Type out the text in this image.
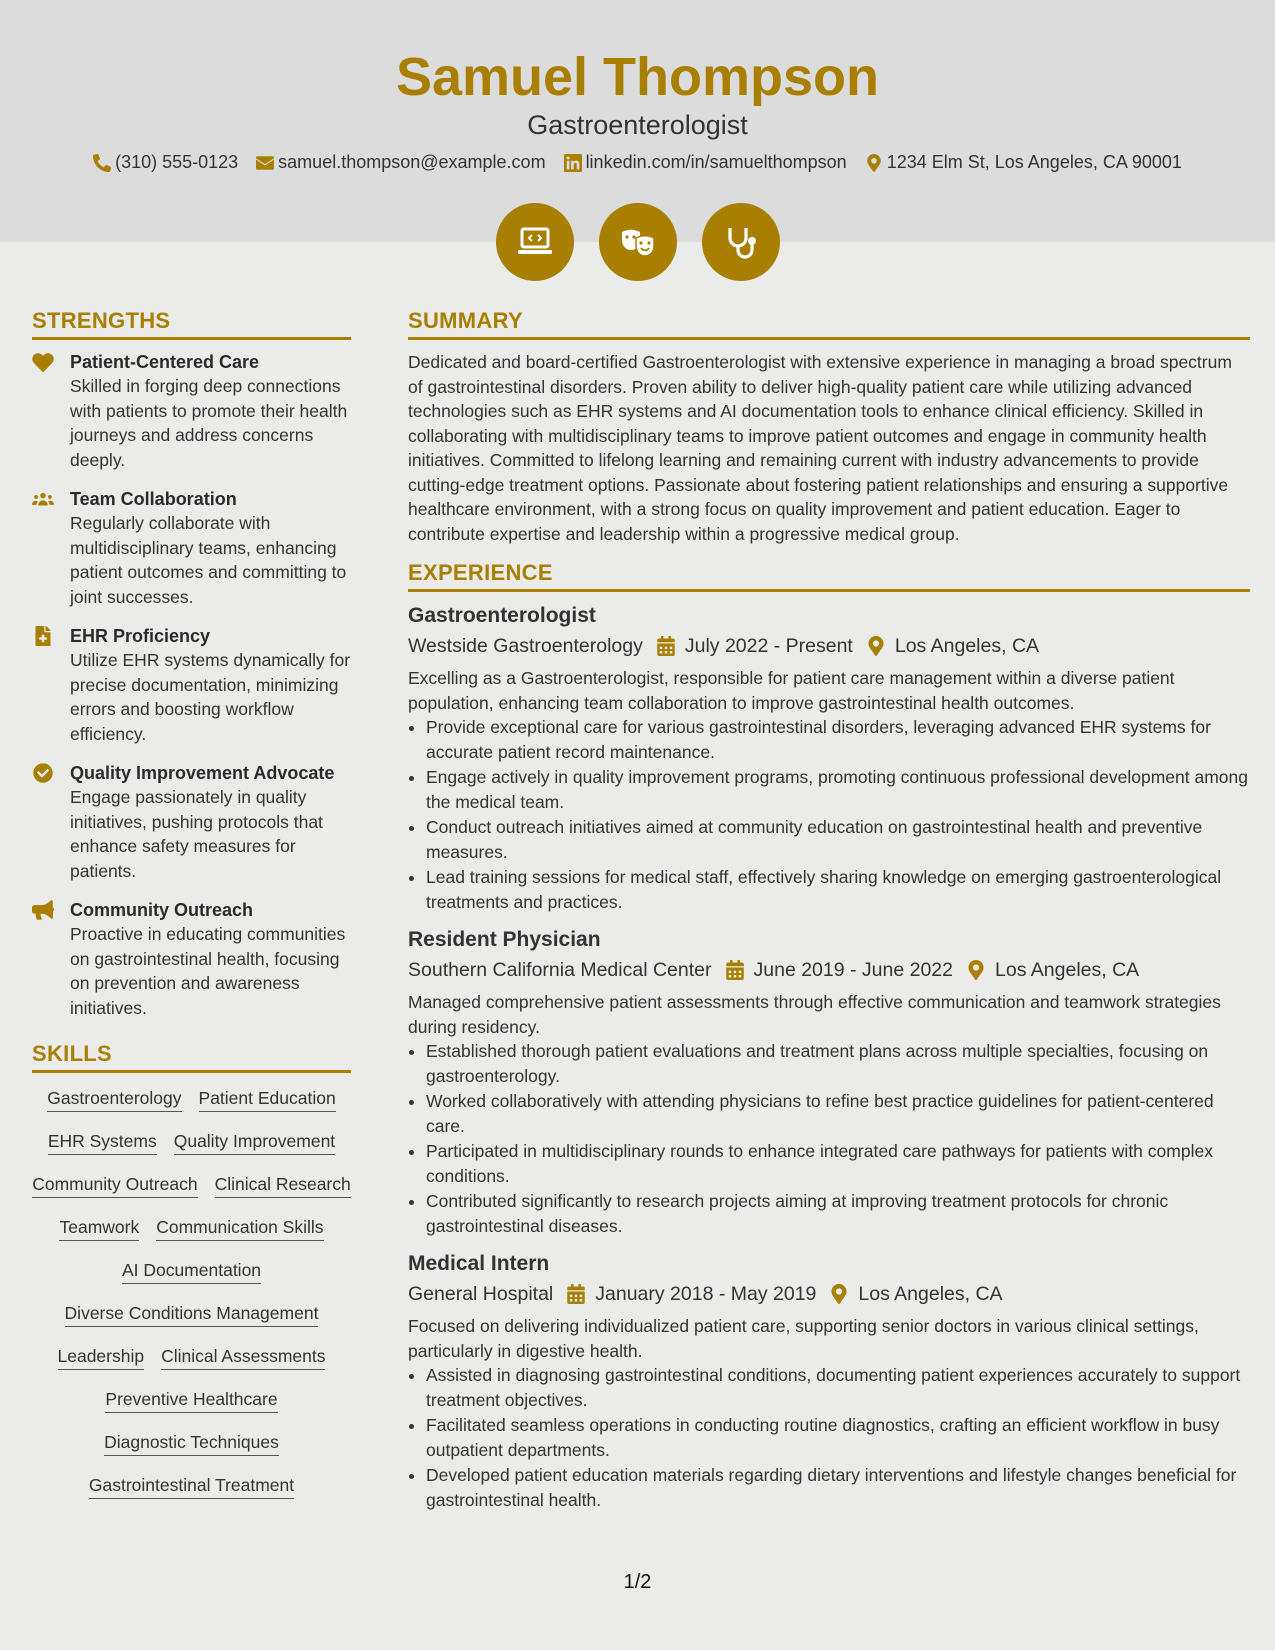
Samuel Thompson
Gastroenterologist
(310) 555-0123 samuel.thompson@example.com linkedin.com/in/samuelthompson 1234 Elm St, Los Angeles, CA 90001
STRENGTHS
Patient-Centered Care
Skilled in forging deep connections with patients to promote their health journeys and address concerns deeply.
Team Collaboration
Regularly collaborate with multidisciplinary teams, enhancing patient outcomes and committing to joint successes.
EHR Proficiency
Utilize EHR systems dynamically for precise documentation, minimizing errors and boosting workflow efficiency.
Quality Improvement Advocate
Engage passionately in quality initiatives, pushing protocols that enhance safety measures for patients.
Community Outreach
Proactive in educating communities on gastrointestinal health, focusing on prevention and awareness initiatives.
SKILLS
Gastroenterology Patient Education
EHR Systems Quality Improvement
Community Outreach Clinical Research
Teamwork Communication Skills
AI Documentation
Diverse Conditions Management
Leadership Clinical Assessments
Preventive Healthcare
Diagnostic Techniques
Gastrointestinal Treatment
SUMMARY
Dedicated and board-certified Gastroenterologist with extensive experience in managing a broad spectrum of gastrointestinal disorders. Proven ability to deliver high-quality patient care while utilizing advanced technologies such as EHR systems and AI documentation tools to enhance clinical efficiency. Skilled in collaborating with multidisciplinary teams to improve patient outcomes and engage in community health initiatives. Committed to lifelong learning and remaining current with industry advancements to provide cutting-edge treatment options. Passionate about fostering patient relationships and ensuring a supportive healthcare environment, with a strong focus on quality improvement and patient education. Eager to contribute expertise and leadership within a progressive medical group.
EXPERIENCE
Gastroenterologist
Westside Gastroenterology July 2022 - Present Los Angeles, CA
Excelling as a Gastroenterologist, responsible for patient care management within a diverse patient population, enhancing team collaboration to improve gastrointestinal health outcomes.
• Provide exceptional care for various gastrointestinal disorders, leveraging advanced EHR systems for accurate patient record maintenance.
• Engage actively in quality improvement programs, promoting continuous professional development among the medical team.
• Conduct outreach initiatives aimed at community education on gastrointestinal health and preventive measures.
• Lead training sessions for medical staff, effectively sharing knowledge on emerging gastroenterological treatments and practices.
Resident Physician
Southern California Medical Center June 2019 - June 2022 Los Angeles, CA
Managed comprehensive patient assessments through effective communication and teamwork strategies during residency.
• Established thorough patient evaluations and treatment plans across multiple specialties, focusing on gastroenterology.
• Worked collaboratively with attending physicians to refine best practice guidelines for patient-centered care.
• Participated in multidisciplinary rounds to enhance integrated care pathways for patients with complex conditions.
• Contributed significantly to research projects aiming at improving treatment protocols for chronic gastrointestinal diseases.
Medical Intern
General Hospital January 2018 - May 2019 Los Angeles, CA
Focused on delivering individualized patient care, supporting senior doctors in various clinical settings, particularly in digestive health.
• Assisted in diagnosing gastrointestinal conditions, documenting patient experiences accurately to support treatment objectives.
• Facilitated seamless operations in conducting routine diagnostics, crafting an efficient workflow in busy outpatient departments.
• Developed patient education materials regarding dietary interventions and lifestyle changes beneficial for gastrointestinal health.
1/2
